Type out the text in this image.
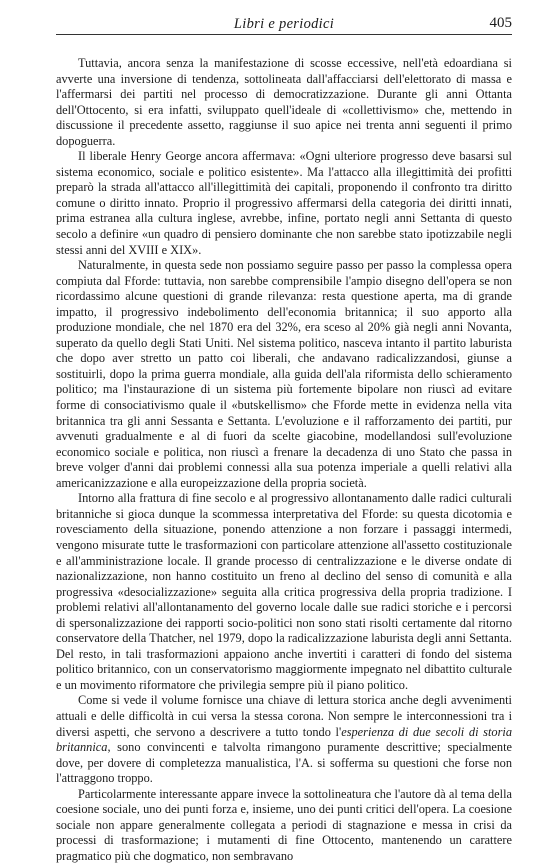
Libri e periodici	405

Tuttavia, ancora senza la manifestazione di scosse eccessive, nell'età edoardiana si avverte una inversione di tendenza, sottolineata dall'affacciarsi dell'elettorato di massa e l'affermarsi dei partiti nel processo di democratizzazione. Durante gli anni Ottanta dell'Ottocento, si era infatti, sviluppato quell'ideale di «collettivismo» che, mettendo in discussione il precedente assetto, raggiunse il suo apice nei trenta anni seguenti il primo dopoguerra.

Il liberale Henry George ancora affermava: «Ogni ulteriore progresso deve basarsi sul sistema economico, sociale e politico esistente». Ma l'attacco alla illegittimità dei profitti preparò la strada all'attacco all'illegittimità dei capitali, proponendo il confronto tra diritto comune o diritto innato. Proprio il progressivo affermarsi della categoria dei diritti innati, prima estranea alla cultura inglese, avrebbe, infine, portato negli anni Settanta di questo secolo a definire «un quadro di pensiero dominante che non sarebbe stato ipotizzabile negli stessi anni del XVIII e XIX».

Naturalmente, in questa sede non possiamo seguire passo per passo la complessa opera compiuta dal Fforde: tuttavia, non sarebbe comprensibile l'ampio disegno dell'opera se non ricordassimo alcune questioni di grande rilevanza: resta questione aperta, ma di grande impatto, il progressivo indebolimento dell'economia britannica; il suo apporto alla produzione mondiale, che nel 1870 era del 32%, era sceso al 20% già negli anni Novanta, superato da quello degli Stati Uniti. Nel sistema politico, nasceva intanto il partito laburista che dopo aver stretto un patto coi liberali, che andavano radicalizzandosi, giunse a sostituirli, dopo la prima guerra mondiale, alla guida dell'ala riformista dello schieramento politico; ma l'instaurazione di un sistema più fortemente bipolare non riuscì ad evitare forme di consociativismo quale il «butskellismo» che Fforde mette in evidenza nella vita britannica tra gli anni Sessanta e Settanta. L'evoluzione e il rafforzamento dei partiti, pur avvenuti gradualmente e al di fuori da scelte giacobine, modellandosi sull'evoluzione economico sociale e politica, non riuscì a frenare la decadenza di uno Stato che passa in breve volger d'anni dai problemi connessi alla sua potenza imperiale a quelli relativi alla americanizzazione e alla europeizzazione della propria società.

Intorno alla frattura di fine secolo e al progressivo allontanamento dalle radici culturali britanniche si gioca dunque la scommessa interpretativa del Fforde: su questa dicotomia e rovesciamento della situazione, ponendo attenzione a non forzare i passaggi intermedi, vengono misurate tutte le trasformazioni con particolare attenzione all'assetto costituzionale e all'amministrazione locale. Il grande processo di centralizzazione e le diverse ondate di nazionalizzazione, non hanno costituito un freno al declino del senso di comunità e alla progressiva «desocializzazione» seguita alla critica progressiva della propria tradizione. I problemi relativi all'allontanamento del governo locale dalle sue radici storiche e i percorsi di spersonalizzazione dei rapporti socio-politici non sono stati risolti certamente dal ritorno conservatore della Thatcher, nel 1979, dopo la radicalizzazione laburista degli anni Settanta. Del resto, in tali trasformazioni appaiono anche invertiti i caratteri di fondo del sistema politico britannico, con un conservatorismo maggiormente impegnato nel dibattito culturale e un movimento riformatore che privilegia sempre più il piano politico.

Come si vede il volume fornisce una chiave di lettura storica anche degli avvenimenti attuali e delle difficoltà in cui versa la stessa corona. Non sempre le interconnessioni tra i diversi aspetti, che servono a descrivere a tutto tondo l'esperienza di due secoli di storia britannica, sono convincenti e talvolta rimangono puramente descrittive; specialmente dove, per dovere di completezza manualistica, l'A. si sofferma su questioni che forse non l'attraggono troppo.

Particolarmente interessante appare invece la sottolineatura che l'autore dà al tema della coesione sociale, uno dei punti forza e, insieme, uno dei punti critici dell'opera. La coesione sociale non appare generalmente collegata a periodi di stagnazione e messa in crisi da processi di trasformazione; i mutamenti di fine Ottocento, mantenendo un carattere pragmatico più che dogmatico, non sembravano
